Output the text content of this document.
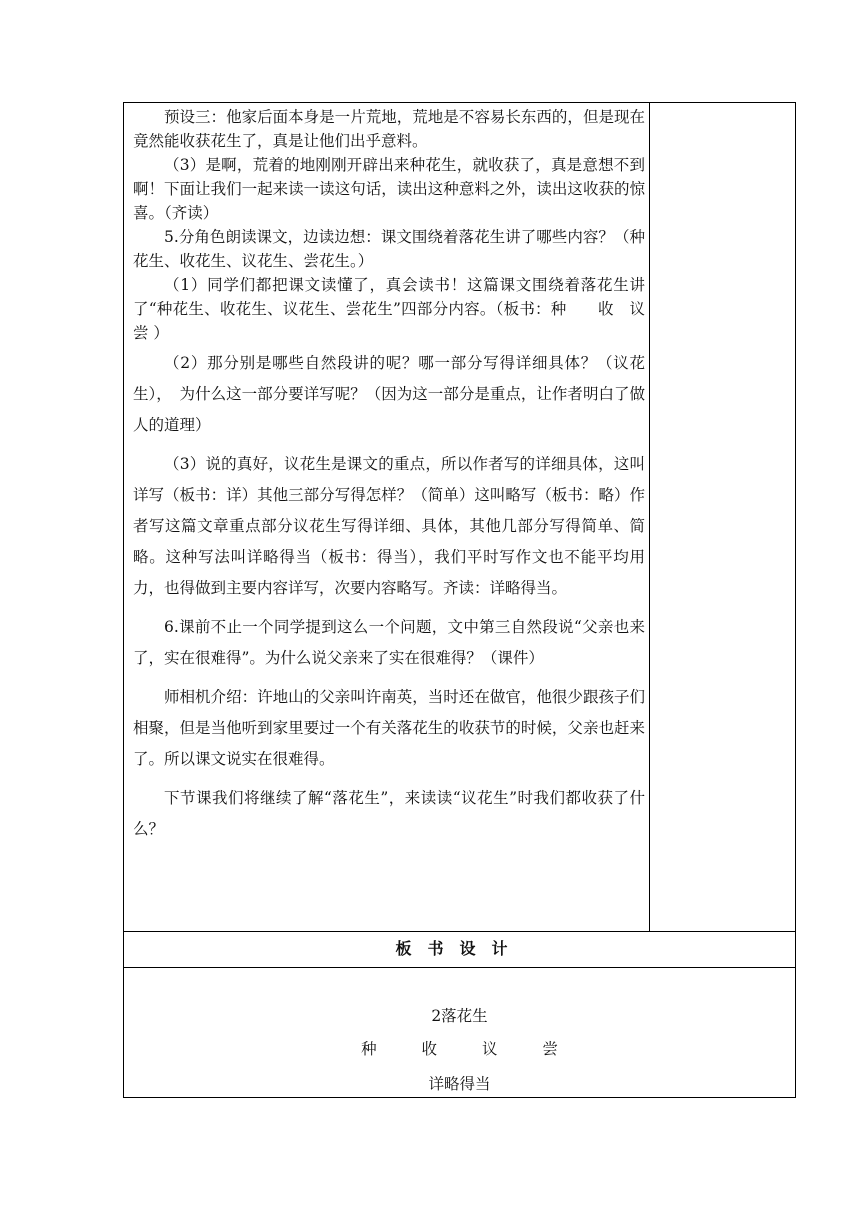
预设三：他家后面本身是一片荒地，荒地是不容易长东西的，但是现在竟然能收获花生了，真是让他们出乎意料。

（3）是啊，荒着的地刚刚开辟出来种花生，就收获了，真是意想不到啊！下面让我们一起来读一读这句话，读出这种意料之外，读出这收获的惊喜。（齐读）

5.分角色朗读课文，边读边想：课文围绕着落花生讲了哪些内容？（种花生、收花生、议花生、尝花生。）

（1）同学们都把课文读懂了，真会读书！这篇课文围绕着落花生讲了“种花生、收花生、议花生、尝花生”四部分内容。（板书：种　　收　议　　尝 ）

（2）那分别是哪些自然段讲的呢？哪一部分写得详细具体？（议花生），　为什么这一部分要详写呢？（因为这一部分是重点，让作者明白了做人的道理）

（3）说的真好，议花生是课文的重点，所以作者写的详细具体，这叫详写（板书：详）其他三部分写得怎样？（简单）这叫略写（板书：略）作者写这篇文章重点部分议花生写得详细、具体，其他几部分写得简单、简略。这种写法叫详略得当（板书：得当），我们平时写作文也不能平均用力，也得做到主要内容详写，次要内容略写。齐读：详略得当。

6.课前不止一个同学提到这么一个问题，文中第三自然段说“父亲也来了，实在很难得”。为什么说父亲来了实在很难得？（课件）

师相机介绍：许地山的父亲叫许南英，当时还在做官，他很少跟孩子们相聚，但是当他听到家里要过一个有关落花生的收获节的时候，父亲也赶来了。所以课文说实在很难得。

下节课我们将继续了解“落花生”，来读读“议花生”时我们都收获了什么？

板书设计
2落花生
种	收	议	尝
详略得当
